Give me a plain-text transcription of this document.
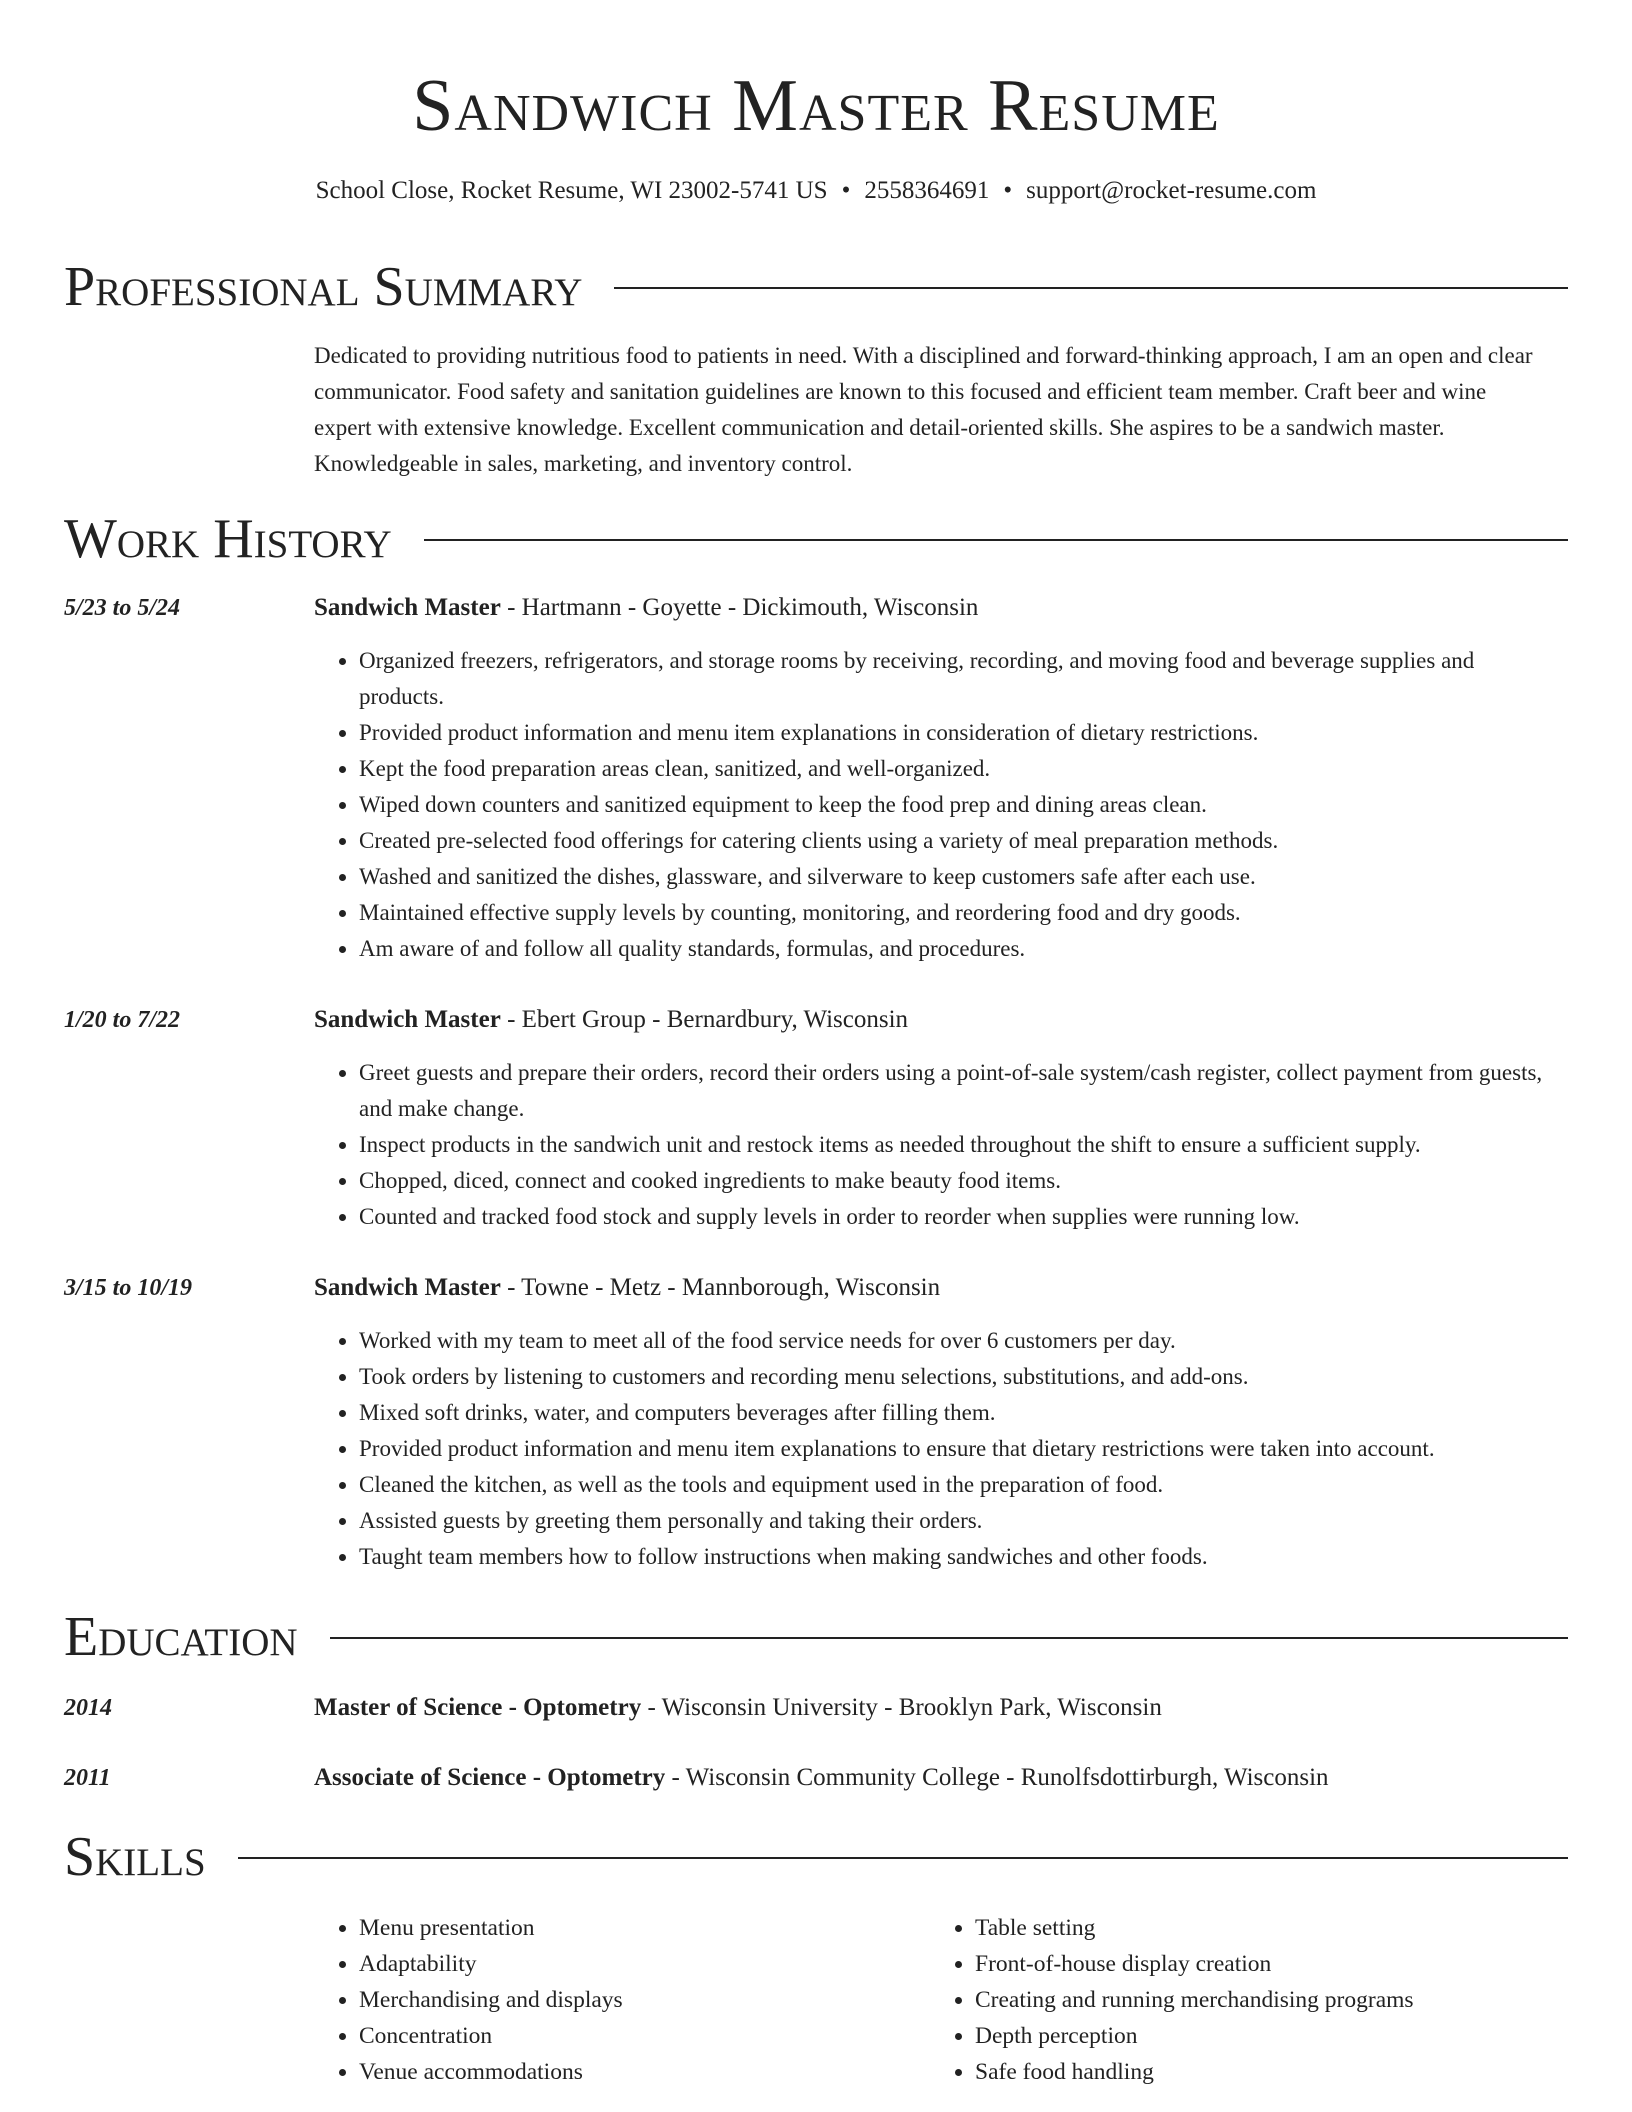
Sandwich Master Resume
School Close, Rocket Resume, WI 23002-5741 US • 2558364691 • support@rocket-resume.com
Professional Summary
Dedicated to providing nutritious food to patients in need. With a disciplined and forward-thinking approach, I am an open and clear communicator. Food safety and sanitation guidelines are known to this focused and efficient team member. Craft beer and wine expert with extensive knowledge. Excellent communication and detail-oriented skills. She aspires to be a sandwich master. Knowledgeable in sales, marketing, and inventory control.
Work History
5/23 to 5/24	Sandwich Master - Hartmann - Goyette - Dickimouth, Wisconsin
• Organized freezers, refrigerators, and storage rooms by receiving, recording, and moving food and beverage supplies and products.
• Provided product information and menu item explanations in consideration of dietary restrictions.
• Kept the food preparation areas clean, sanitized, and well-organized.
• Wiped down counters and sanitized equipment to keep the food prep and dining areas clean.
• Created pre-selected food offerings for catering clients using a variety of meal preparation methods.
• Washed and sanitized the dishes, glassware, and silverware to keep customers safe after each use.
• Maintained effective supply levels by counting, monitoring, and reordering food and dry goods.
• Am aware of and follow all quality standards, formulas, and procedures.
1/20 to 7/22	Sandwich Master - Ebert Group - Bernardbury, Wisconsin
• Greet guests and prepare their orders, record their orders using a point-of-sale system/cash register, collect payment from guests, and make change.
• Inspect products in the sandwich unit and restock items as needed throughout the shift to ensure a sufficient supply.
• Chopped, diced, connect and cooked ingredients to make beauty food items.
• Counted and tracked food stock and supply levels in order to reorder when supplies were running low.
3/15 to 10/19	Sandwich Master - Towne - Metz - Mannborough, Wisconsin
• Worked with my team to meet all of the food service needs for over 6 customers per day.
• Took orders by listening to customers and recording menu selections, substitutions, and add-ons.
• Mixed soft drinks, water, and computers beverages after filling them.
• Provided product information and menu item explanations to ensure that dietary restrictions were taken into account.
• Cleaned the kitchen, as well as the tools and equipment used in the preparation of food.
• Assisted guests by greeting them personally and taking their orders.
• Taught team members how to follow instructions when making sandwiches and other foods.
Education
2014	Master of Science - Optometry - Wisconsin University - Brooklyn Park, Wisconsin
2011	Associate of Science - Optometry - Wisconsin Community College - Runolfsdottirburgh, Wisconsin
Skills
• Menu presentation
• Adaptability
• Merchandising and displays
• Concentration
• Venue accommodations
• Table setting
• Front-of-house display creation
• Creating and running merchandising programs
• Depth perception
• Safe food handling
